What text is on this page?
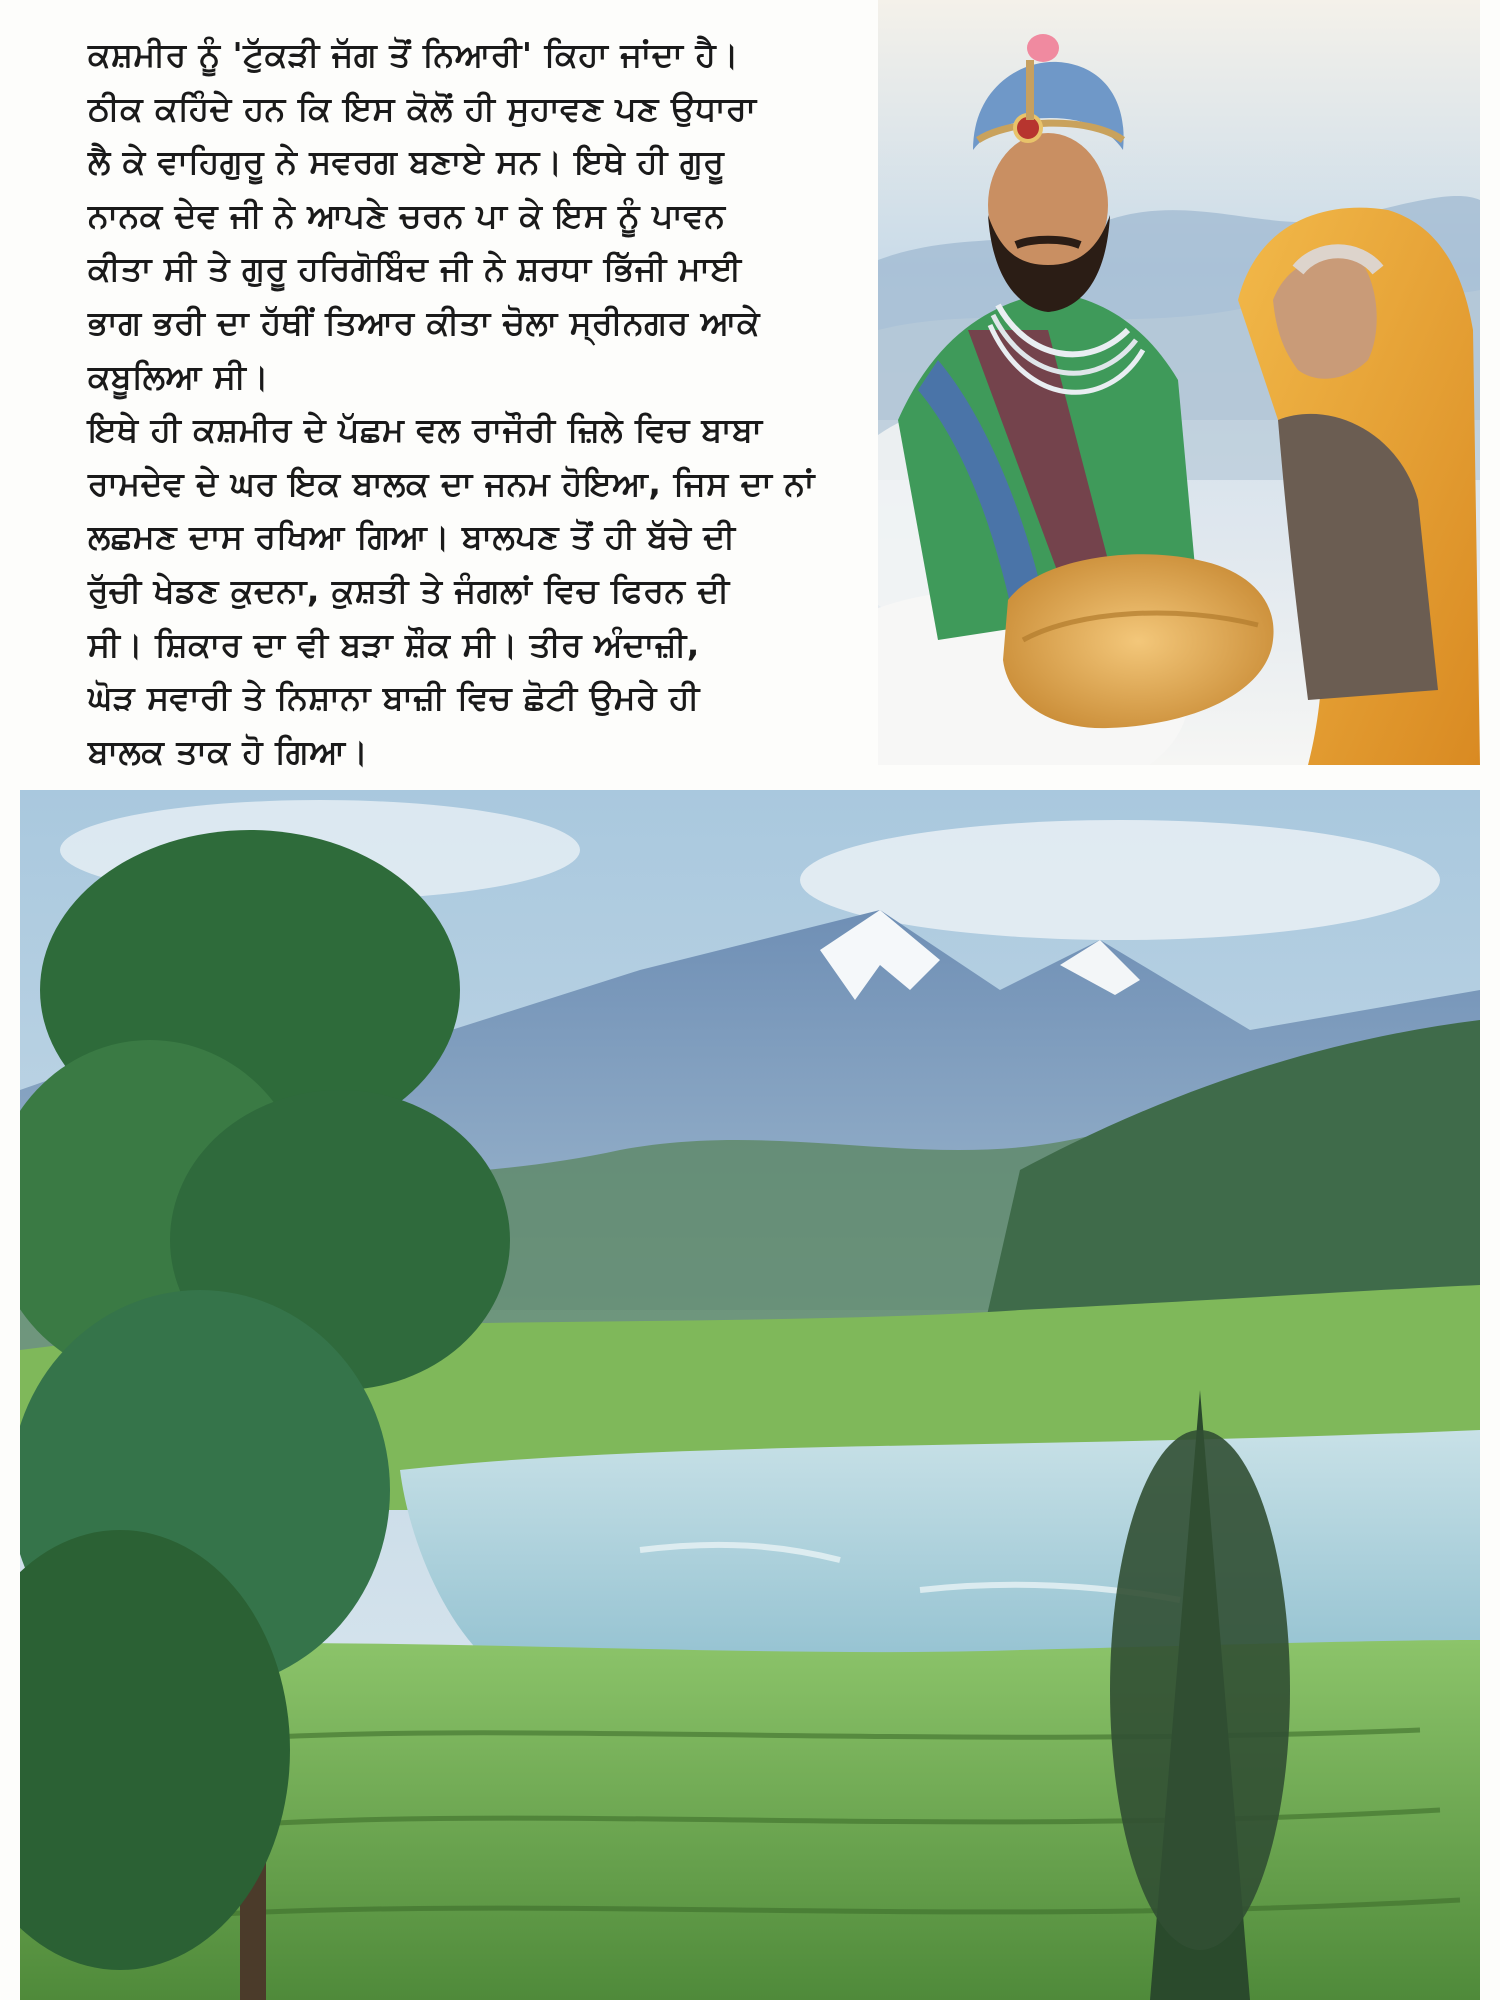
ਕਸ਼ਮੀਰ ਨੂੰ 'ਟੁੱਕੜੀ ਜੱਗ ਤੋਂ ਨਿਆਰੀ' ਕਿਹਾ ਜਾਂਦਾ ਹੈ।
ਠੀਕ ਕਹਿੰਦੇ ਹਨ ਕਿ ਇਸ ਕੋਲੋਂ ਹੀ ਸੁਹਾਵਣ ਪਣ ਉਧਾਰਾ
ਲੈ ਕੇ ਵਾਹਿਗੁਰੂ ਨੇ ਸਵਰਗ ਬਣਾਏ ਸਨ। ਇਥੇ ਹੀ ਗੁਰੂ
ਨਾਨਕ ਦੇਵ ਜੀ ਨੇ ਆਪਣੇ ਚਰਨ ਪਾ ਕੇ ਇਸ ਨੂੰ ਪਾਵਨ
ਕੀਤਾ ਸੀ ਤੇ ਗੁਰੂ ਹਰਿਗੋਬਿੰਦ ਜੀ ਨੇ ਸ਼ਰਧਾ ਭਿੱਜੀ ਮਾਈ
ਭਾਗ ਭਰੀ ਦਾ ਹੱਥੀਂ ਤਿਆਰ ਕੀਤਾ ਚੋਲਾ ਸ੍ਰੀਨਗਰ ਆਕੇ
ਕਬੂਲਿਆ ਸੀ।
ਇਥੇ ਹੀ ਕਸ਼ਮੀਰ ਦੇ ਪੱਛਮ ਵਲ ਰਾਜੌਰੀ ਜ਼ਿਲੇ ਵਿਚ ਬਾਬਾ
ਰਾਮਦੇਵ ਦੇ ਘਰ ਇਕ ਬਾਲਕ ਦਾ ਜਨਮ ਹੋਇਆ, ਜਿਸ ਦਾ ਨਾਂ
ਲਛਮਣ ਦਾਸ ਰਖਿਆ ਗਿਆ। ਬਾਲਪਣ ਤੋਂ ਹੀ ਬੱਚੇ ਦੀ
ਰੁੱਚੀ ਖੇਡਣ ਕੁਦਨਾ, ਕੁਸ਼ਤੀ ਤੇ ਜੰਗਲਾਂ ਵਿਚ ਫਿਰਨ ਦੀ
ਸੀ। ਸ਼ਿਕਾਰ ਦਾ ਵੀ ਬੜਾ ਸ਼ੌਕ ਸੀ। ਤੀਰ ਅੰਦਾਜ਼ੀ,
ਘੋੜ ਸਵਾਰੀ ਤੇ ਨਿਸ਼ਾਨਾ ਬਾਜ਼ੀ ਵਿਚ ਛੋਟੀ ਉਮਰੇ ਹੀ
ਬਾਲਕ ਤਾਕ ਹੋ ਗਿਆ।
